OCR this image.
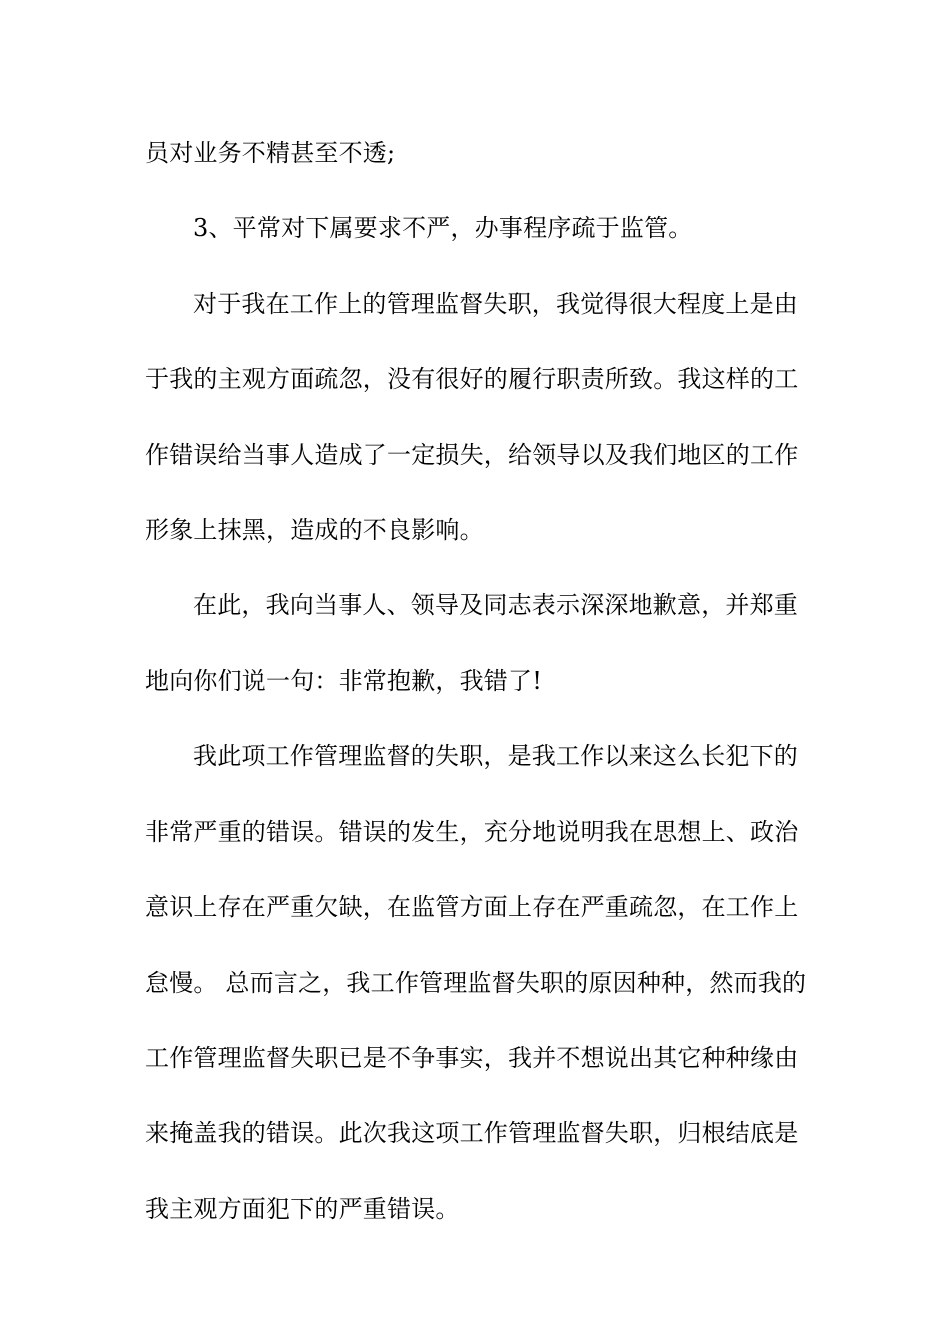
员对业务不精甚至不透;
3、平常对下属要求不严，办事程序疏于监管。
对于我在工作上的管理监督失职，我觉得很大程度上是由
于我的主观方面疏忽，没有很好的履行职责所致。我这样的工
作错误给当事人造成了一定损失，给领导以及我们地区的工作
形象上抹黑，造成的不良影响。
在此，我向当事人、领导及同志表示深深地歉意，并郑重
地向你们说一句：非常抱歉，我错了!
我此项工作管理监督的失职，是我工作以来这么长犯下的
非常严重的错误。错误的发生，充分地说明我在思想上、政治
意识上存在严重欠缺，在监管方面上存在严重疏忽，在工作上
怠慢。 总而言之，我工作管理监督失职的原因种种，然而我的
工作管理监督失职已是不争事实，我并不想说出其它种种缘由
来掩盖我的错误。此次我这项工作管理监督失职，归根结底是
我主观方面犯下的严重错误。
